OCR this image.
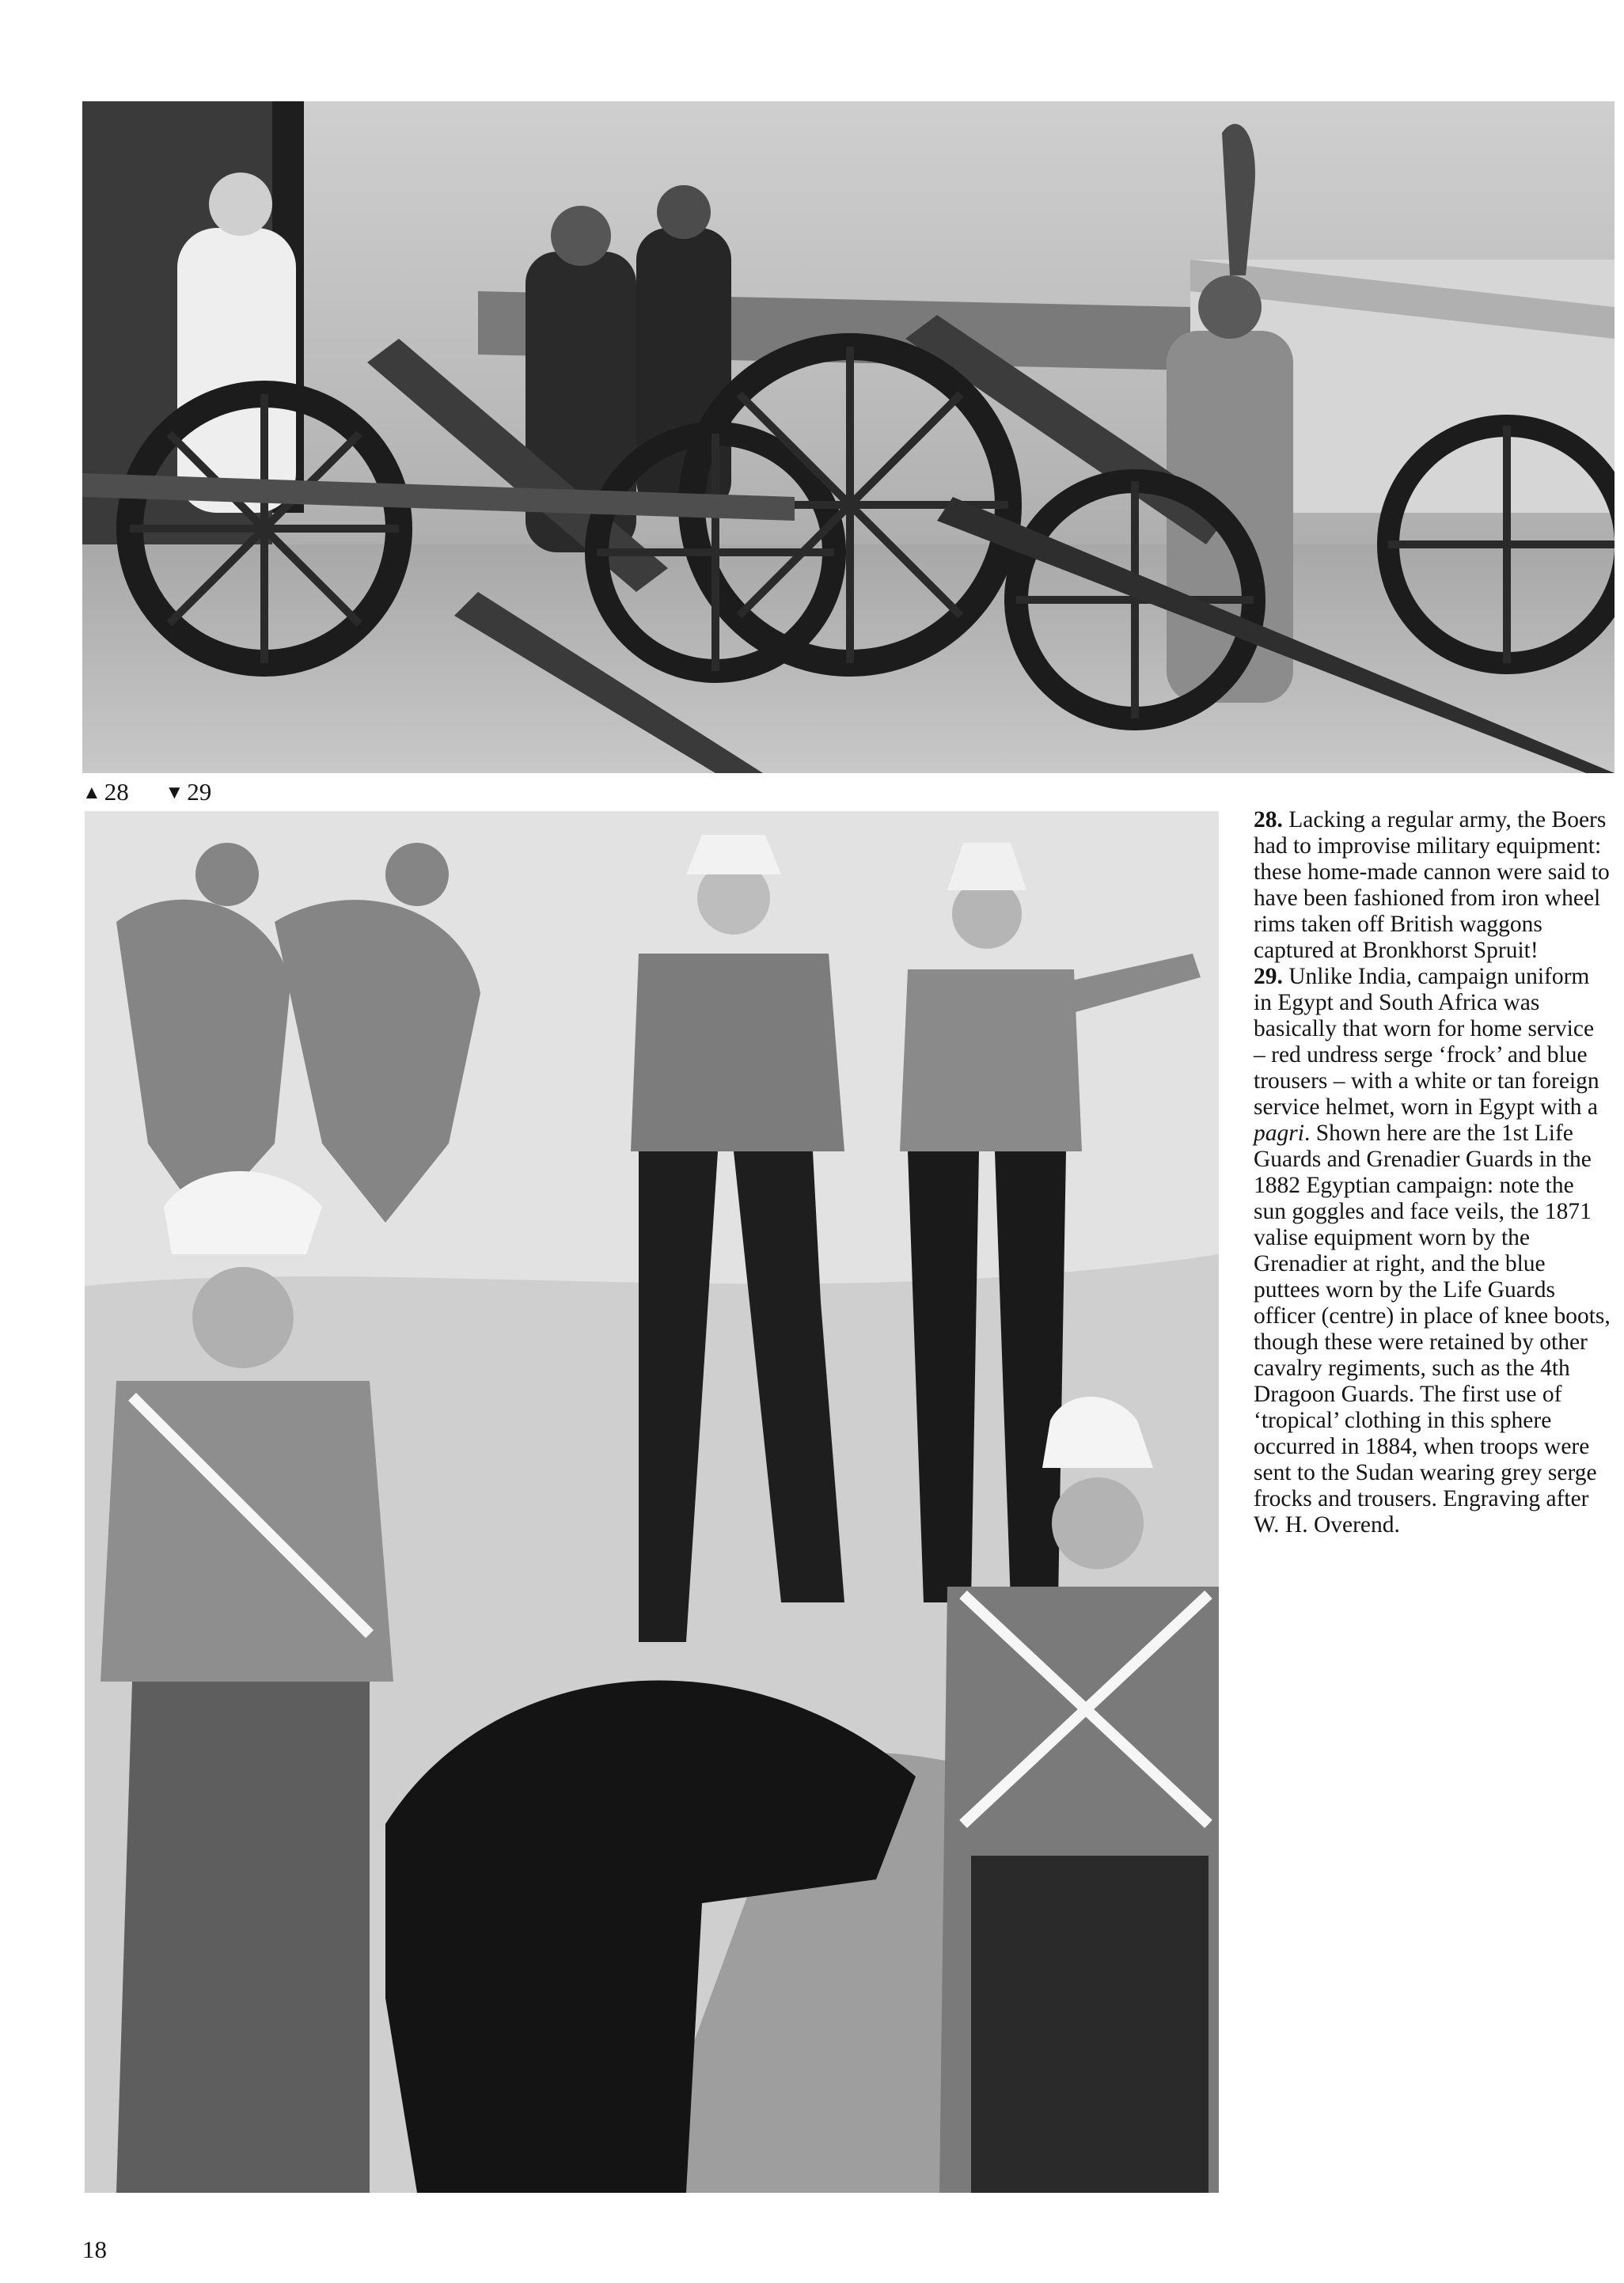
▲ 28 ▼ 29

28. Lacking a regular army, the Boers had to improvise military equipment: these home-made cannon were said to have been fashioned from iron wheel rims taken off British waggons captured at Bronkhorst Spruit!

29. Unlike India, campaign uniform in Egypt and South Africa was basically that worn for home service – red undress serge ‘frock’ and blue trousers – with a white or tan foreign service helmet, worn in Egypt with a pagri. Shown here are the 1st Life Guards and Grenadier Guards in the 1882 Egyptian campaign: note the sun goggles and face veils, the 1871 valise equipment worn by the Grenadier at right, and the blue puttees worn by the Life Guards officer (centre) in place of knee boots, though these were retained by other cavalry regiments, such as the 4th Dragoon Guards. The first use of ‘tropical’ clothing in this sphere occurred in 1884, when troops were sent to the Sudan wearing grey serge frocks and trousers. Engraving after W. H. Overend.

18
